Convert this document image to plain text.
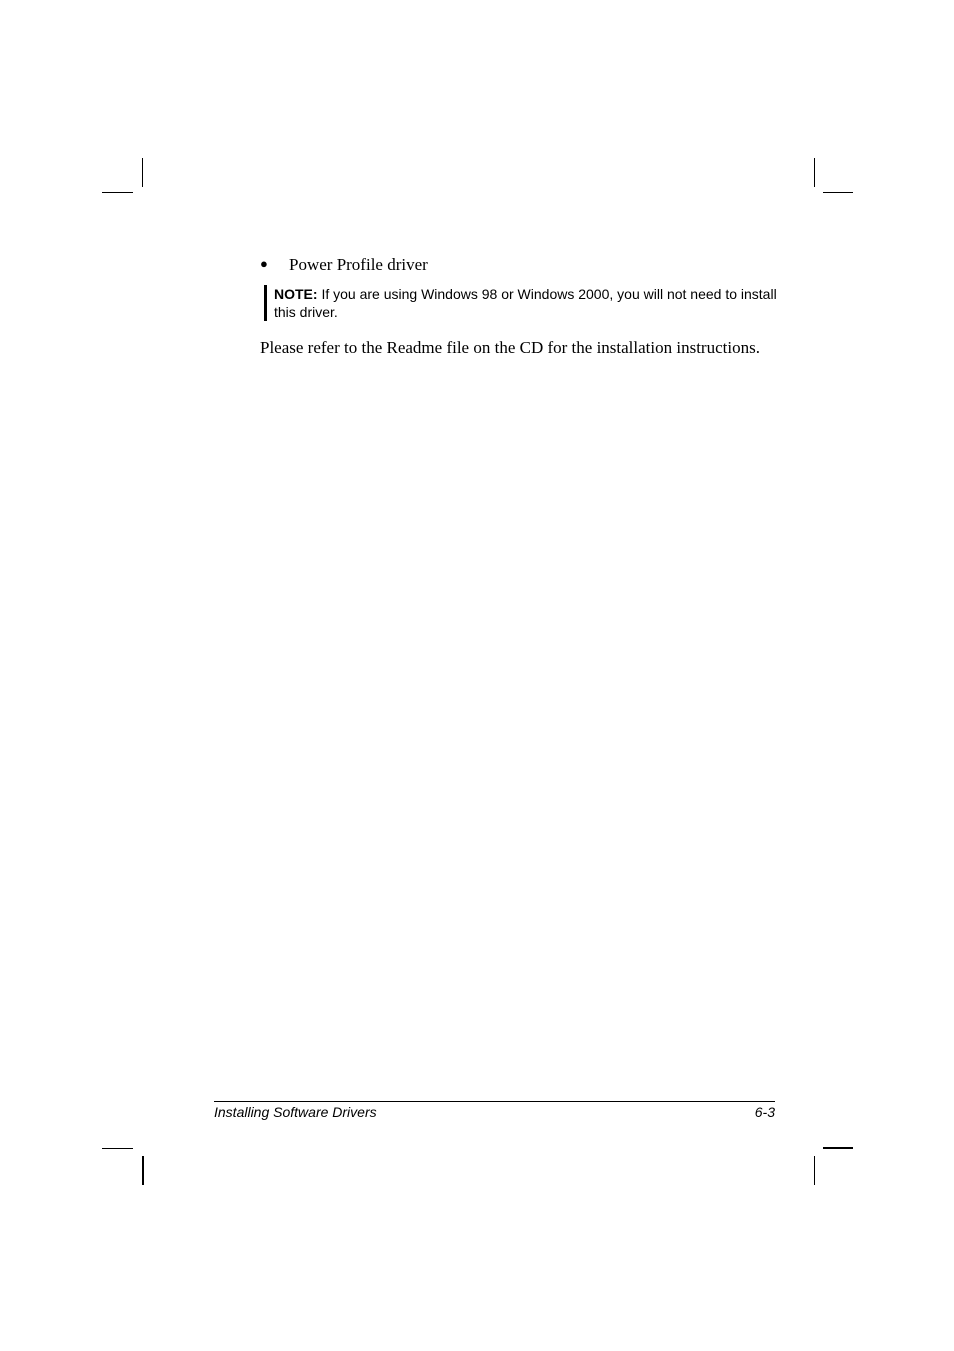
● Power Profile driver
NOTE: If you are using Windows 98 or Windows 2000, you will not need to install this driver.
Please refer to the Readme file on the CD for the installation instructions.
Installing Software Drivers	6-3
